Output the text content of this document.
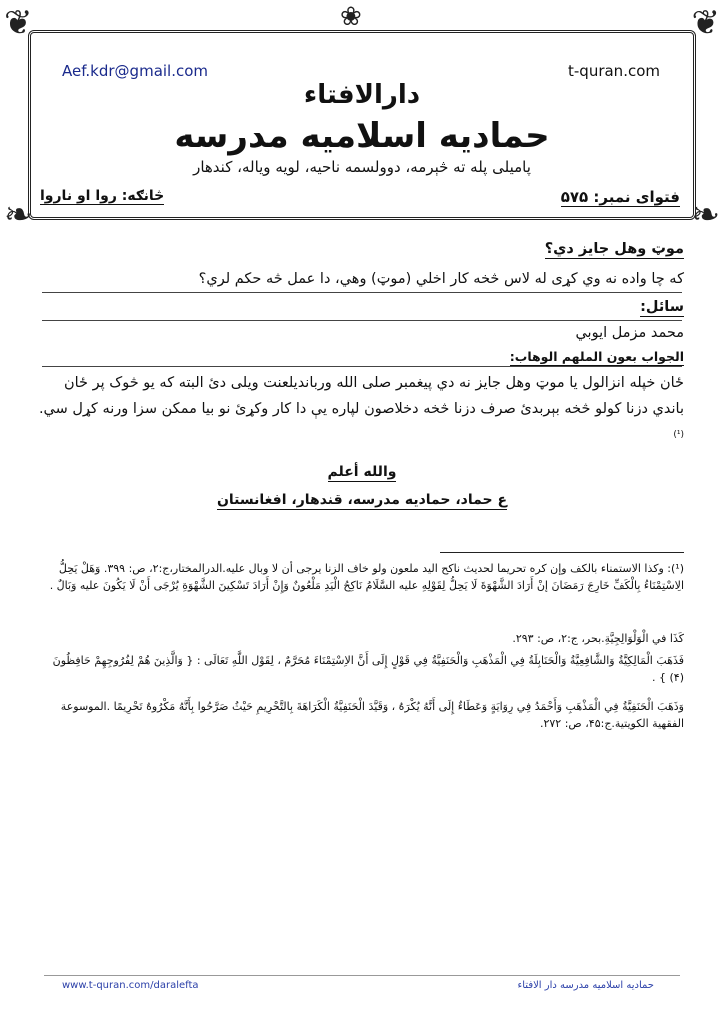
❦	❦
❧	❧
❀
Aef.kdr@gmail.com	t-quran.com
دارالافتاء
حمادیه اسلامیه مدرسه
پامیلی پله ته څېرمه، دوولسمه ناحیه، لویه ویاله، کندهار
فتوای نمبر: ۵۷۵
څانګه: روا او ناروا
موټ وهل جایز دي؟
که چا واده نه وي کړی له لاس څخه کار اخلي (موټ) وهي، دا عمل څه حکم لري؟
سائل:
محمد مزمل ایوبي
الجواب بعون الملهم الوهاب:
ځان خپله انزالول یا موټ وهل جایز نه دي پیغمبر صلی الله وربانديلعنت ویلی دئ البته که یو څوک پر ځان باندي دزنا کولو څخه بېربدئ صرف دزنا څخه دخلاصون لپاره یې دا کار وکړئ نو بیا ممکن سزا ورنه کړل سي. $^{(^1)}$
والله أعلم
ع حماد، حمادیه مدرسه، قندهار، افغانستان
(¹): وکذا الاستمناء بالكف وإن كره تحريما لحديث ناكح اليد ملعون ولو خاف الزنا يرجى أن لا وبال عليه.الدرالمختار،ج:۲، ص: ۳۹۹. وَهَلْ يَحِلُّ الِاسْتِمْنَاءُ بِالْكَفِّ خَارِجَ رَمَضَانَ إنْ أَرَادَ الشَّهْوَةَ لَا يَحِلُّ لِقَوْلِهِ عليه السَّلَامُ نَاكِحُ الْيَدِ مَلْعُونٌ وَإِنْ أَرَادَ تَسْكِينَ الشَّهْوَةِ يُرْجَى أَنْ لَا يَكُونَ عليه وَبَالٌ .
كَذَا في الْوَلْوَالِجِيَّةِ.بحر، ج:۲، ص: ۲۹۳.
فَذَهَبَ الْمَالِكِيَّةُ وَالشَّافِعِيَّةُ وَالْحَنَابِلَةُ فِي الْمَذْهَبِ وَالْحَنَفِيَّةُ فِي قَوْلٍ إِلَى أَنَّ الاِسْتِمْنَاءَ مُحَرَّمٌ ، لِقَوْل اللَّهِ تَعَالَى : { وَالَّذِينَ هُمْ لِفُرُوجِهِمْ حَافِظُونَ (۴) } .
وَذَهَبَ الْحَنَفِيَّةُ فِي الْمَذْهَبِ وَأَحْمَدُ فِي رِوَايَةٍ وَعَطَاءٌ إِلَى أَنَّهُ يُكْرَهُ ، وَقَيَّدَ الْحَنَفِيَّةُ الْكَرَاهَةَ بِالتَّحْرِيمِ حَيْثُ صَرَّحُوا بِأَنَّهُ مَكْرُوهٌ تَحْرِيمًا .الموسوعة الفقهية الكويتية.ج:۴۵، ص: ۲۷۲.
www.t-quran.com/daralefta	حمادیه اسلامیه مدرسه دار الافتاء
